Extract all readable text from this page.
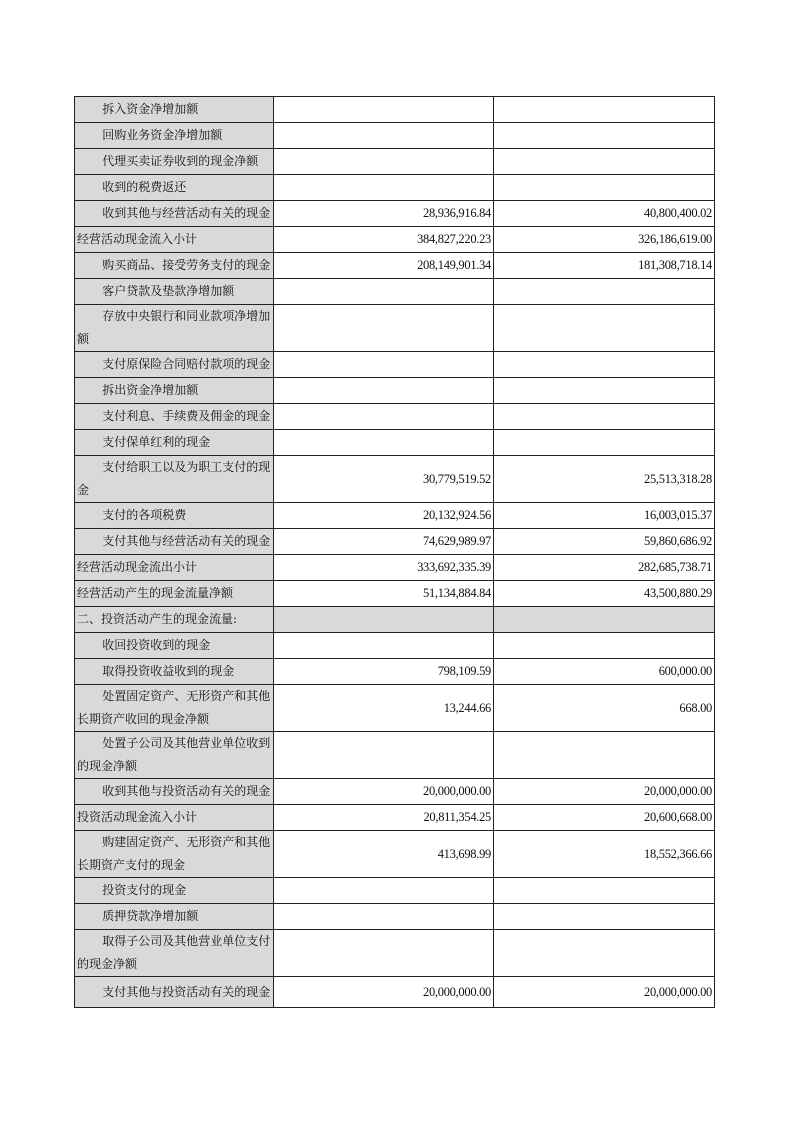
拆入资金净增加额		
回购业务资金净增加额		
代理买卖证券收到的现金净额		
收到的税费返还		
收到其他与经营活动有关的现金	28,936,916.84	40,800,400.02
经营活动现金流入小计	384,827,220.23	326,186,619.00
购买商品、接受劳务支付的现金	208,149,901.34	181,308,718.14
客户贷款及垫款净增加额		
存放中央银行和同业款项净增加额		
支付原保险合同赔付款项的现金		
拆出资金净增加额		
支付利息、手续费及佣金的现金		
支付保单红利的现金		
支付给职工以及为职工支付的现金	30,779,519.52	25,513,318.28
支付的各项税费	20,132,924.56	16,003,015.37
支付其他与经营活动有关的现金	74,629,989.97	59,860,686.92
经营活动现金流出小计	333,692,335.39	282,685,738.71
经营活动产生的现金流量净额	51,134,884.84	43,500,880.29
二、投资活动产生的现金流量:		
收回投资收到的现金		
取得投资收益收到的现金	798,109.59	600,000.00
处置固定资产、无形资产和其他长期资产收回的现金净额	13,244.66	668.00
处置子公司及其他营业单位收到的现金净额		
收到其他与投资活动有关的现金	20,000,000.00	20,000,000.00
投资活动现金流入小计	20,811,354.25	20,600,668.00
购建固定资产、无形资产和其他长期资产支付的现金	413,698.99	18,552,366.66
投资支付的现金		
质押贷款净增加额		
取得子公司及其他营业单位支付的现金净额		
支付其他与投资活动有关的现金	20,000,000.00	20,000,000.00
